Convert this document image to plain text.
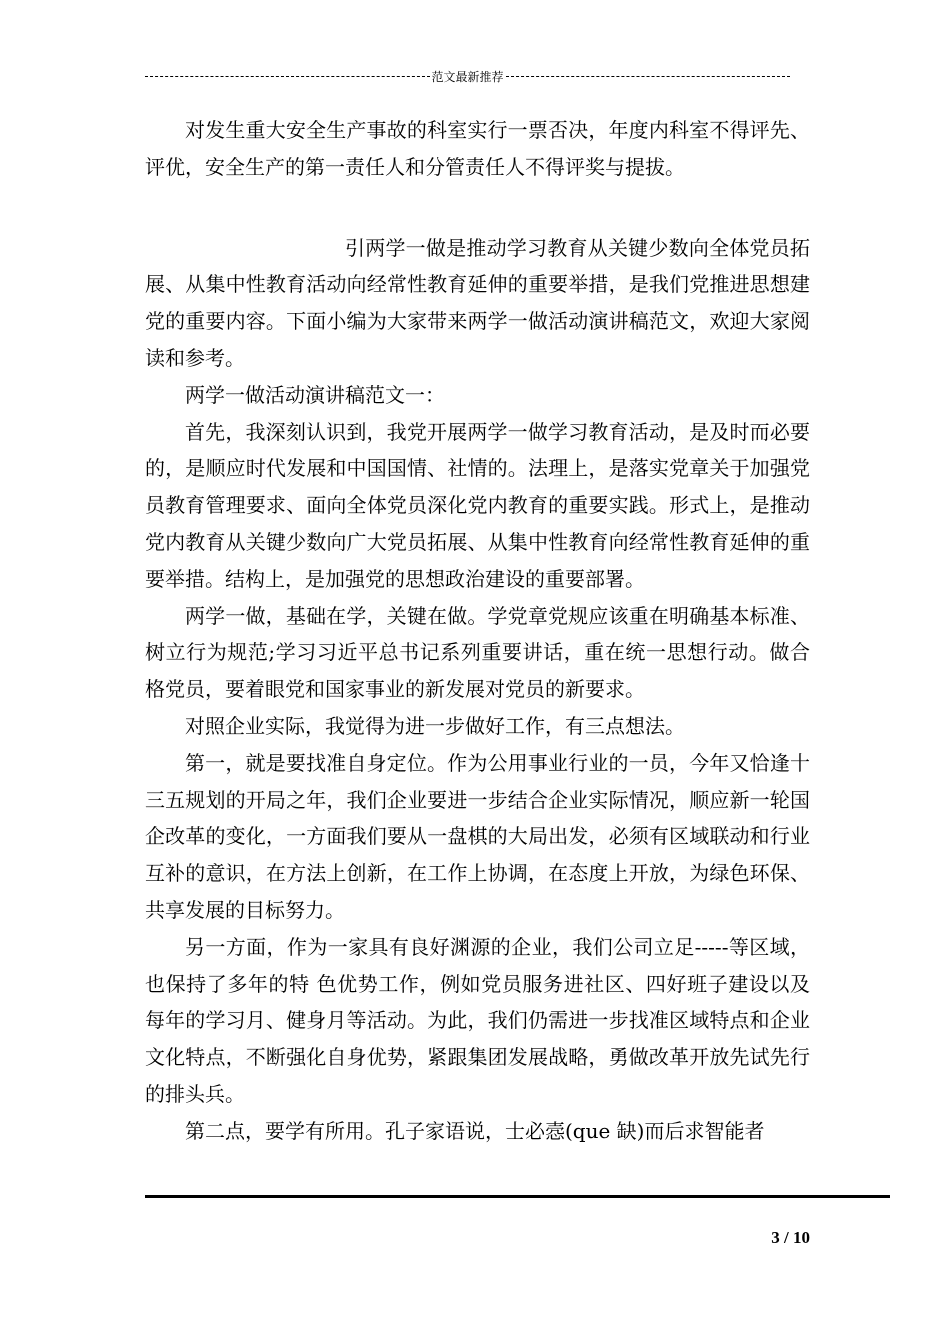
范文最新推荐

对发生重大安全生产事故的科室实行一票否决，年度内科室不得评先、 评优，安全生产的第一责任人和分管责任人不得评奖与提拔。

引两学一做是推动学习教育从关键少数向全体党员拓展、从集中性教育活动向经常性教育延伸的重要举措，是我们党推进思想建党的重要内容。下面小编为大家带来两学一做活动演讲稿范文，欢迎大家阅读和参考。

两学一做活动演讲稿范文一：

首先，我深刻认识到，我党开展两学一做学习教育活动，是及时而必要的，是顺应时代发展和中国国情、社情的。法理上，是落实党章关于加强党员教育管理要求、面向全体党员深化党内教育的重要实践。形式上，是推动党内教育从关键少数向广大党员拓展、从集中性教育向经常性教育延伸的重要举措。结构上，是加强党的思想政治建设的重要部署。

两学一做，基础在学，关键在做。学党章党规应该重在明确基本标准、树立行为规范;学习习近平总书记系列重要讲话，重在统一思想行动。做合格党员，要着眼党和国家事业的新发展对党员的新要求。

对照企业实际，我觉得为进一步做好工作，有三点想法。

第一，就是要找准自身定位。作为公用事业行业的一员，今年又恰逢十三五规划的开局之年，我们企业要进一步结合企业实际情况，顺应新一轮国企改革的变化，一方面我们要从一盘棋的大局出发，必须有区域联动和行业互补的意识，在方法上创新，在工作上协调，在态度上开放，为绿色环保、共享发展的目标努力。

另一方面，作为一家具有良好渊源的企业，我们公司立足-----等区域，也保持了多年的特 色优势工作，例如党员服务进社区、四好班子建设以及每年的学习月、健身月等活动。为此，我们仍需进一步找准区域特点和企业文化特点，不断强化自身优势，紧跟集团发展战略，勇做改革开放先试先行的排头兵。

第二点，要学有所用。孔子家语说，士必悫(que 缺)而后求智能者

3 / 10
